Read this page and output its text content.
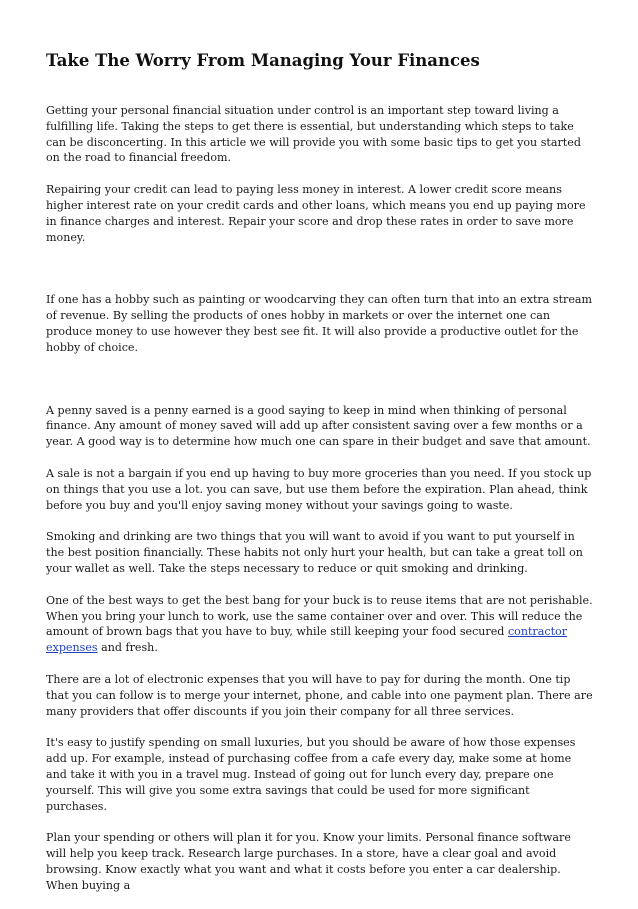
Take The Worry From Managing Your Finances

Getting your personal financial situation under control is an important step toward living a fulfilling life. Taking the steps to get there is essential, but understanding which steps to take can be disconcerting. In this article we will provide you with some basic tips to get you started on the road to financial freedom.

Repairing your credit can lead to paying less money in interest. A lower credit score means higher interest rate on your credit cards and other loans, which means you end up paying more in finance charges and interest. Repair your score and drop these rates in order to save more money.

If one has a hobby such as painting or woodcarving they can often turn that into an extra stream of revenue. By selling the products of ones hobby in markets or over the internet one can produce money to use however they best see fit. It will also provide a productive outlet for the hobby of choice.

A penny saved is a penny earned is a good saying to keep in mind when thinking of personal finance. Any amount of money saved will add up after consistent saving over a few months or a year. A good way is to determine how much one can spare in their budget and save that amount.

A sale is not a bargain if you end up having to buy more groceries than you need. If you stock up on things that you use a lot. you can save, but use them before the expiration. Plan ahead, think before you buy and you'll enjoy saving money without your savings going to waste.

Smoking and drinking are two things that you will want to avoid if you want to put yourself in the best position financially. These habits not only hurt your health, but can take a great toll on your wallet as well. Take the steps necessary to reduce or quit smoking and drinking.

One of the best ways to get the best bang for your buck is to reuse items that are not perishable. When you bring your lunch to work, use the same container over and over. This will reduce the amount of brown bags that you have to buy, while still keeping your food secured contractor expenses and fresh.

There are a lot of electronic expenses that you will have to pay for during the month. One tip that you can follow is to merge your internet, phone, and cable into one payment plan. There are many providers that offer discounts if you join their company for all three services.

It's easy to justify spending on small luxuries, but you should be aware of how those expenses add up. For example, instead of purchasing coffee from a cafe every day, make some at home and take it with you in a travel mug. Instead of going out for lunch every day, prepare one yourself. This will give you some extra savings that could be used for more significant purchases.

Plan your spending or others will plan it for you. Know your limits. Personal finance software will help you keep track. Research large purchases. In a store, have a clear goal and avoid browsing. Know exactly what you want and what it costs before you enter a car dealership. When buying a
